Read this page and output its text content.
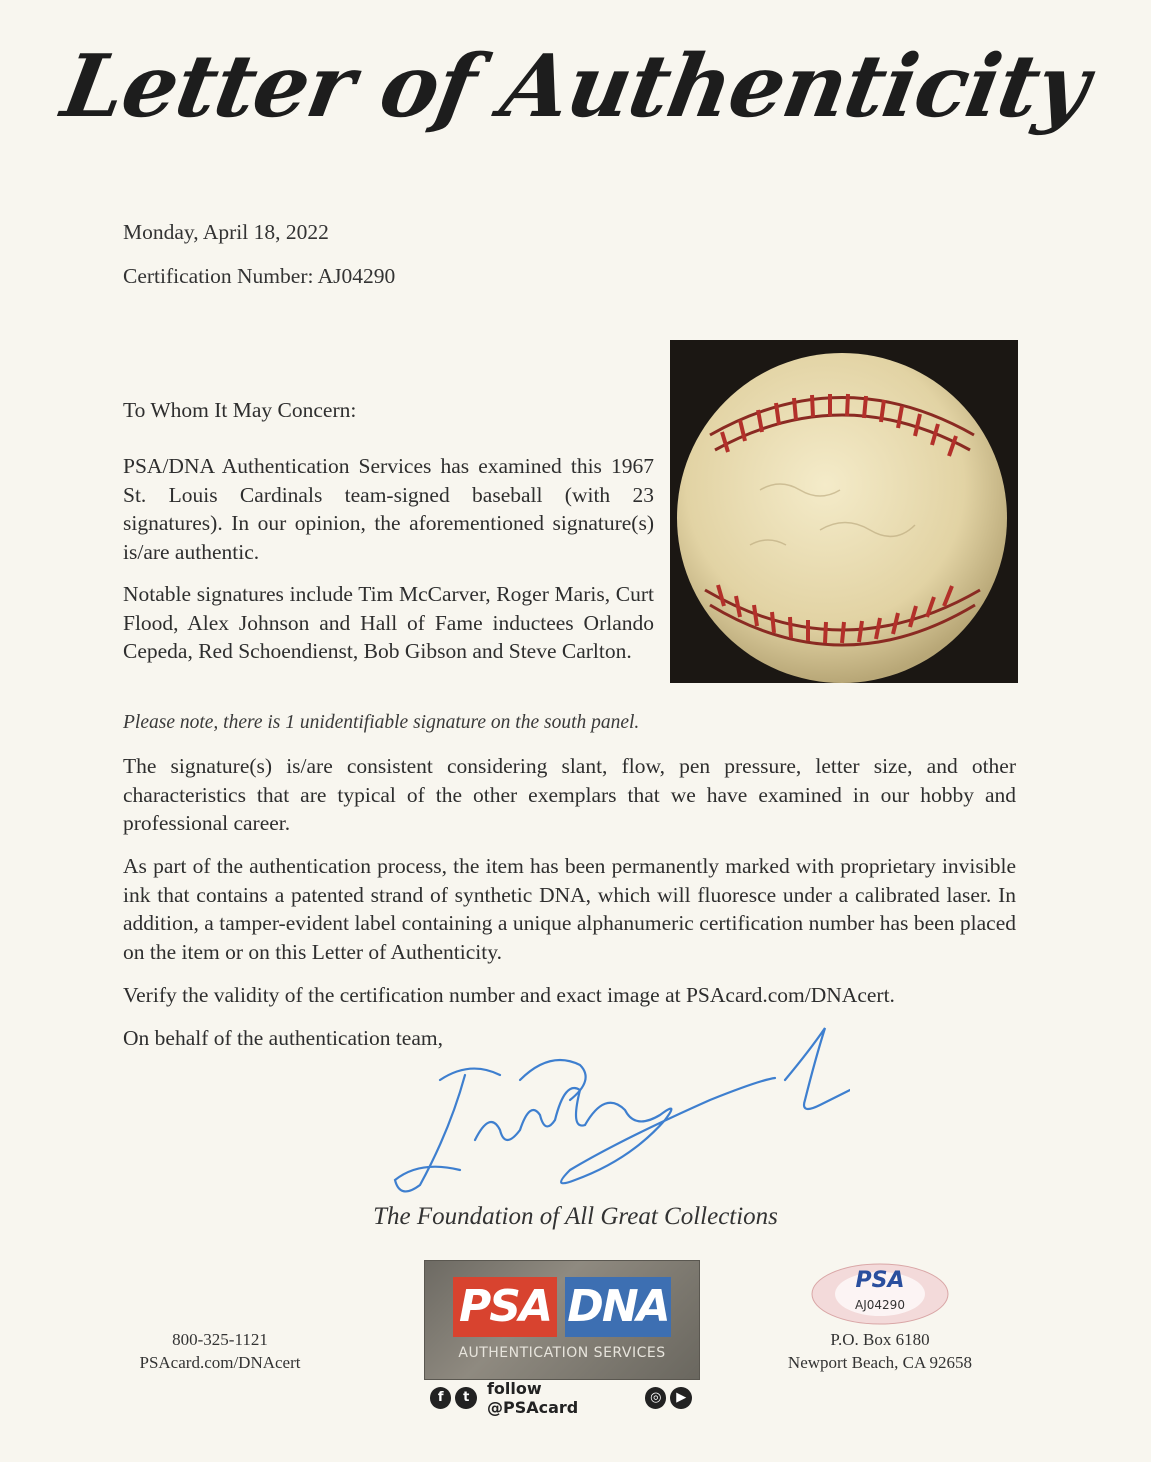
Letter of Authenticity
Monday, April 18, 2022
Certification Number: AJ04290
To Whom It May Concern:
PSA/DNA Authentication Services has examined this 1967 St. Louis Cardinals team-signed baseball (with 23 signatures). In our opinion, the aforementioned signature(s) is/are authentic.
Notable signatures include Tim McCarver, Roger Maris, Curt Flood, Alex Johnson and Hall of Fame inductees Orlando Cepeda, Red Schoendienst, Bob Gibson and Steve Carlton.
Please note, there is 1 unidentifiable signature on the south panel.
The signature(s) is/are consistent considering slant, flow, pen pressure, letter size, and other characteristics that are typical of the other exemplars that we have examined in our hobby and professional career.
As part of the authentication process, the item has been permanently marked with proprietary invisible ink that contains a patented strand of synthetic DNA, which will fluoresce under a calibrated laser. In addition, a tamper-evident label containing a unique alphanumeric certification number has been placed on the item or on this Letter of Authenticity.
Verify the validity of the certification number and exact image at PSAcard.com/DNAcert.
On behalf of the authentication team,
The Foundation of All Great Collections
800-325-1121
PSAcard.com/DNAcert
PSA DNA
AUTHENTICATION SERVICES
f	t	follow @PSAcard
◎	▶
PSA
AJ04290
P.O. Box 6180
Newport Beach, CA 92658
